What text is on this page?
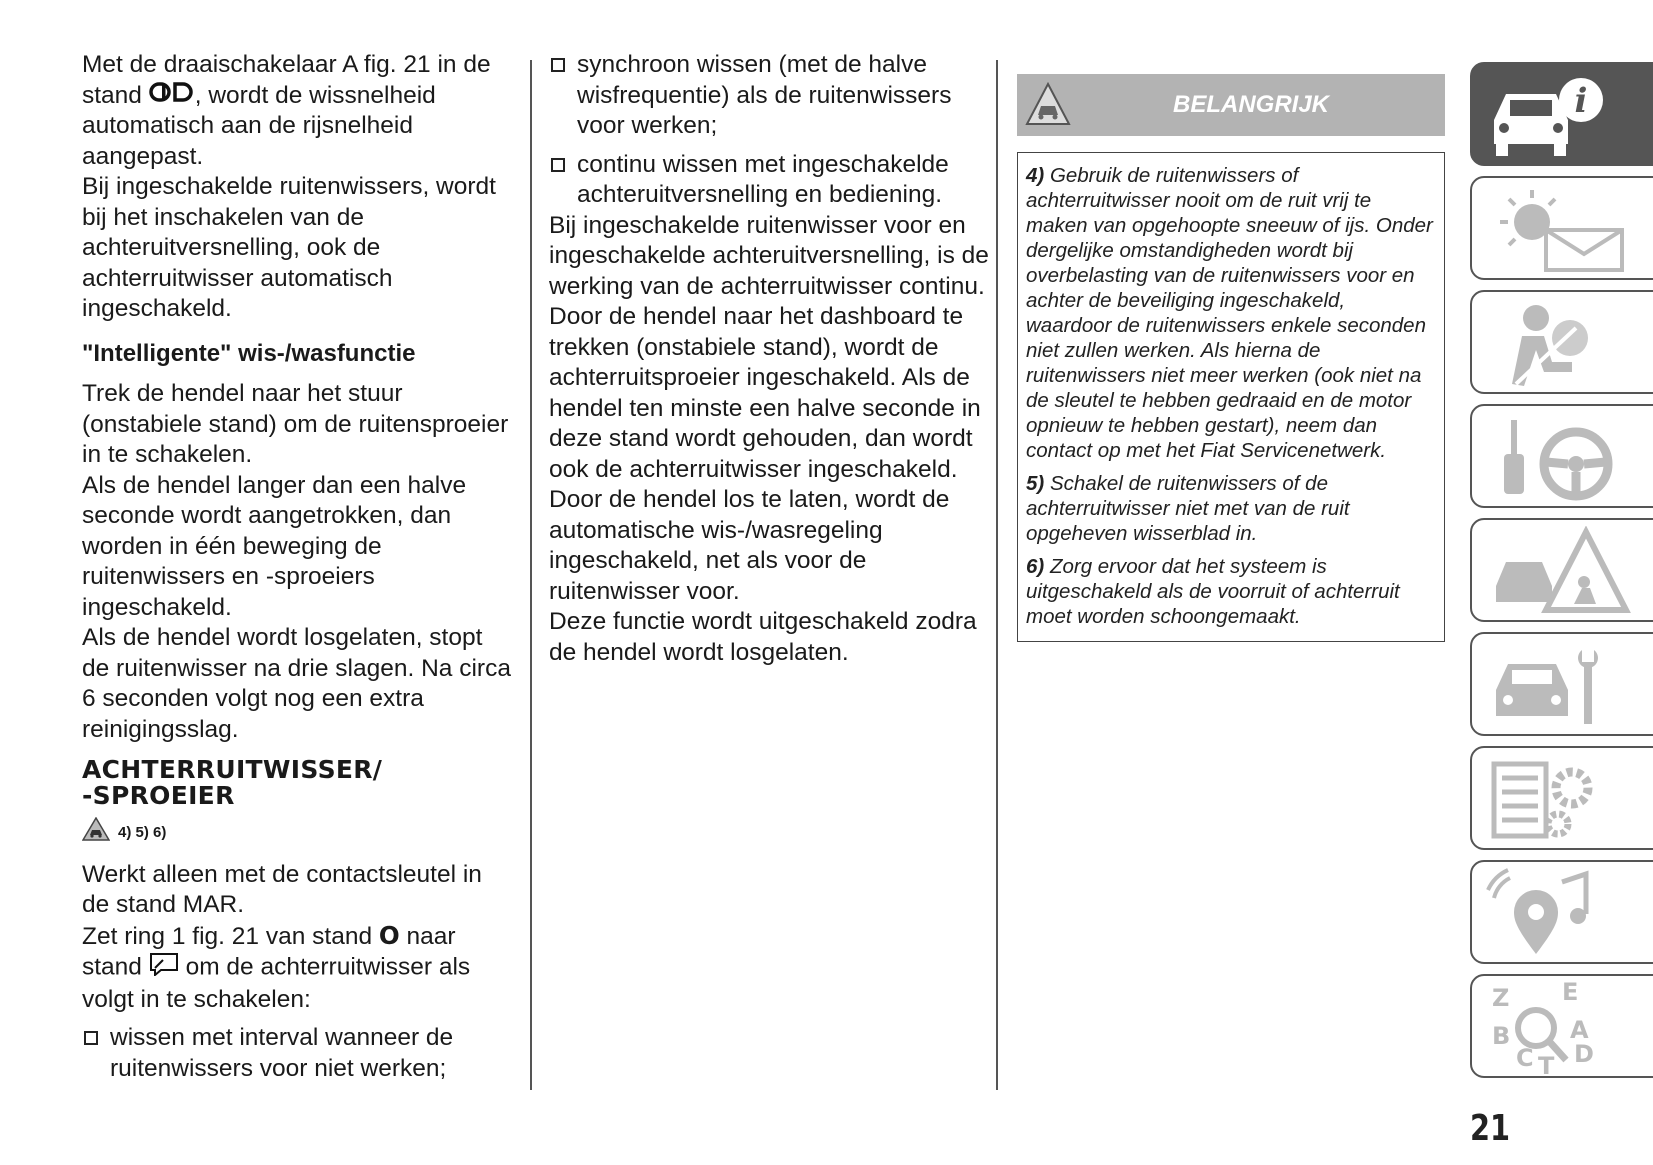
Met de draaischakelaar A fig. 21 in de stand , wordt de wissnelheid automatisch aan de rijsnelheid aangepast.

Bij ingeschakelde ruitenwissers, wordt bij het inschakelen van de achteruitversnelling, ook de achterruitwisser automatisch ingeschakeld.

"Intelligente" wis-/wasfunctie

Trek de hendel naar het stuur (onstabiele stand) om de ruitensproeier in te schakelen.

Als de hendel langer dan een halve seconde wordt aangetrokken, dan worden in één beweging de ruitenwissers en -sproeiers ingeschakeld.

Als de hendel wordt losgelaten, stopt de ruitenwisser na drie slagen. Na circa 6 seconden volgt nog een extra reinigingsslag.

ACHTERRUITWISSER/
-SPROEIER
4) 5) 6)

Werkt alleen met de contactsleutel in de stand MAR.

Zet ring 1 fig. 21 van stand O naar stand om de achterruitwisser als volgt in te schakelen:

wissen met interval wanneer de ruitenwissers voor niet werken;
synchroon wissen (met de halve wisfrequentie) als de ruitenwissers voor werken;
continu wissen met ingeschakelde achteruitversnelling en bediening.

Bij ingeschakelde ruitenwisser voor en ingeschakelde achteruitversnelling, is de werking van de achterruitwisser continu.

Door de hendel naar het dashboard te trekken (onstabiele stand), wordt de achterruitsproeier ingeschakeld. Als de hendel ten minste een halve seconde in deze stand wordt gehouden, dan wordt ook de achterruitwisser ingeschakeld. Door de hendel los te laten, wordt de automatische wis-/wasregeling ingeschakeld, net als voor de ruitenwisser voor.

Deze functie wordt uitgeschakeld zodra de hendel wordt losgelaten.

BELANGRIJK

4) Gebruik de ruitenwissers of achterruitwisser nooit om de ruit vrij te maken van opgehoopte sneeuw of ijs. Onder dergelijke omstandigheden wordt bij overbelasting van de ruitenwissers voor en achter de beveiliging ingeschakeld, waardoor de ruitenwissers enkele seconden niet zullen werken. Als hierna de ruitenwissers niet meer werken (ook niet na de sleutel te hebben gedraaid en de motor opnieuw te hebben gestart), neem dan contact op met het Fiat Servicenetwerk.

5) Schakel de ruitenwissers of de achterruitwisser niet met van de ruit opgeheven wisserblad in.

6) Zorg ervoor dat het systeem is uitgeschakeld als de voorruit of achterruit moet worden schoongemaakt.

i
Z E
B A
C D
T
21
